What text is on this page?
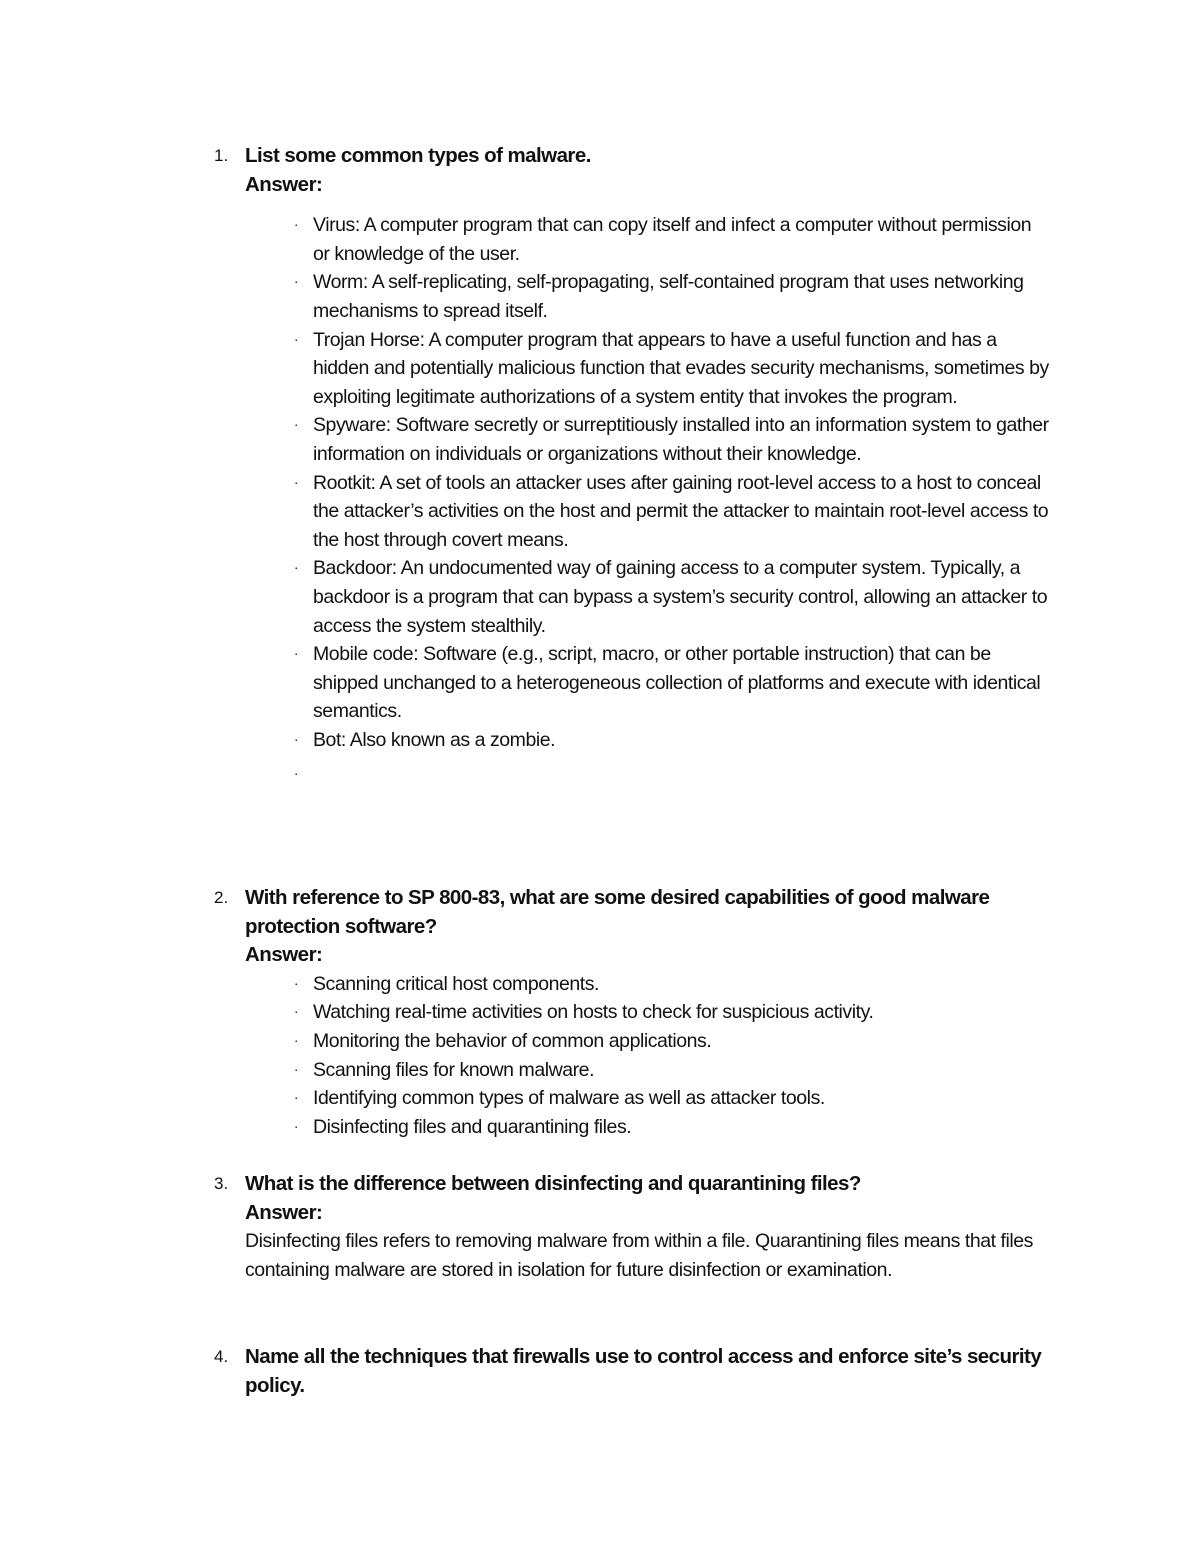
1. List some common types of malware.
Answer:
· Virus: A computer program that can copy itself and infect a computer without permission or knowledge of the user.
· Worm: A self-replicating, self-propagating, self-contained program that uses networking mechanisms to spread itself.
· Trojan Horse: A computer program that appears to have a useful function and has a hidden and potentially malicious function that evades security mechanisms, sometimes by exploiting legitimate authorizations of a system entity that invokes the program.
· Spyware: Software secretly or surreptitiously installed into an information system to gather information on individuals or organizations without their knowledge.
· Rootkit: A set of tools an attacker uses after gaining root-level access to a host to conceal the attacker’s activities on the host and permit the attacker to maintain root-level access to the host through covert means.
· Backdoor: An undocumented way of gaining access to a computer system. Typically, a backdoor is a program that can bypass a system’s security control, allowing an attacker to access the system stealthily.
· Mobile code: Software (e.g., script, macro, or other portable instruction) that can be shipped unchanged to a heterogeneous collection of platforms and execute with identical semantics.
· Bot: Also known as a zombie.
·
2. With reference to SP 800-83, what are some desired capabilities of good malware protection software?
Answer:
· Scanning critical host components.
· Watching real-time activities on hosts to check for suspicious activity.
· Monitoring the behavior of common applications.
· Scanning files for known malware.
· Identifying common types of malware as well as attacker tools.
· Disinfecting files and quarantining files.
3. What is the difference between disinfecting and quarantining files?
Answer:
Disinfecting files refers to removing malware from within a file. Quarantining files means that files containing malware are stored in isolation for future disinfection or examination.
4. Name all the techniques that firewalls use to control access and enforce site’s security policy.
